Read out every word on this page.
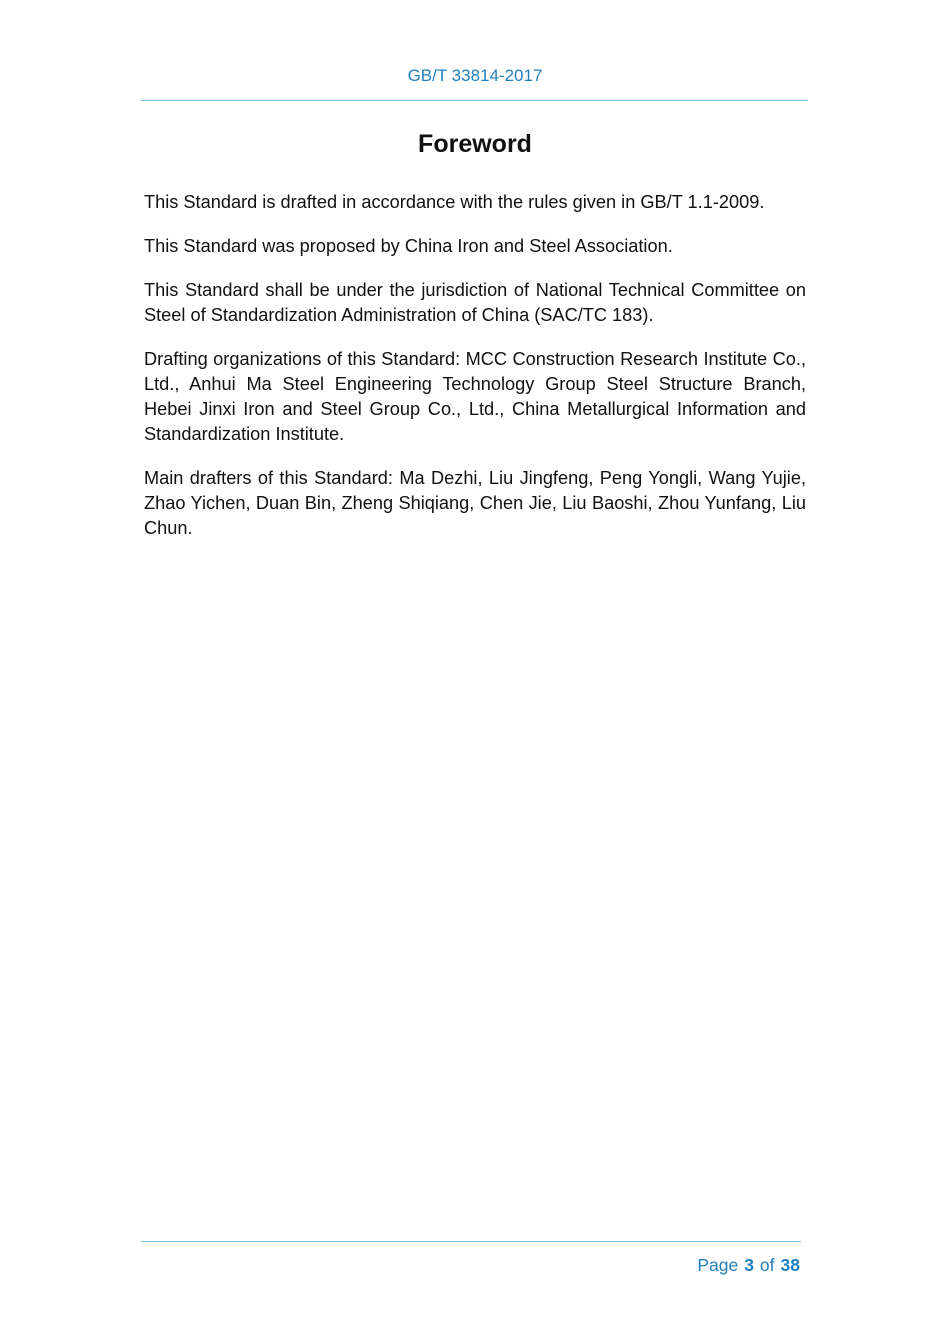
GB/T 33814-2017
Foreword

This Standard is drafted in accordance with the rules given in GB/T 1.1-2009.

This Standard was proposed by China Iron and Steel Association.

This Standard shall be under the jurisdiction of National Technical Committee on Steel of Standardization Administration of China (SAC/TC 183).

Drafting organizations of this Standard: MCC Construction Research Institute Co., Ltd., Anhui Ma Steel Engineering Technology Group Steel Structure Branch, Hebei Jinxi Iron and Steel Group Co., Ltd., China Metallurgical Information and Standardization Institute.

Main drafters of this Standard: Ma Dezhi, Liu Jingfeng, Peng Yongli, Wang Yujie, Zhao Yichen, Duan Bin, Zheng Shiqiang, Chen Jie, Liu Baoshi, Zhou Yunfang, Liu Chun.

Page 3 of 38
